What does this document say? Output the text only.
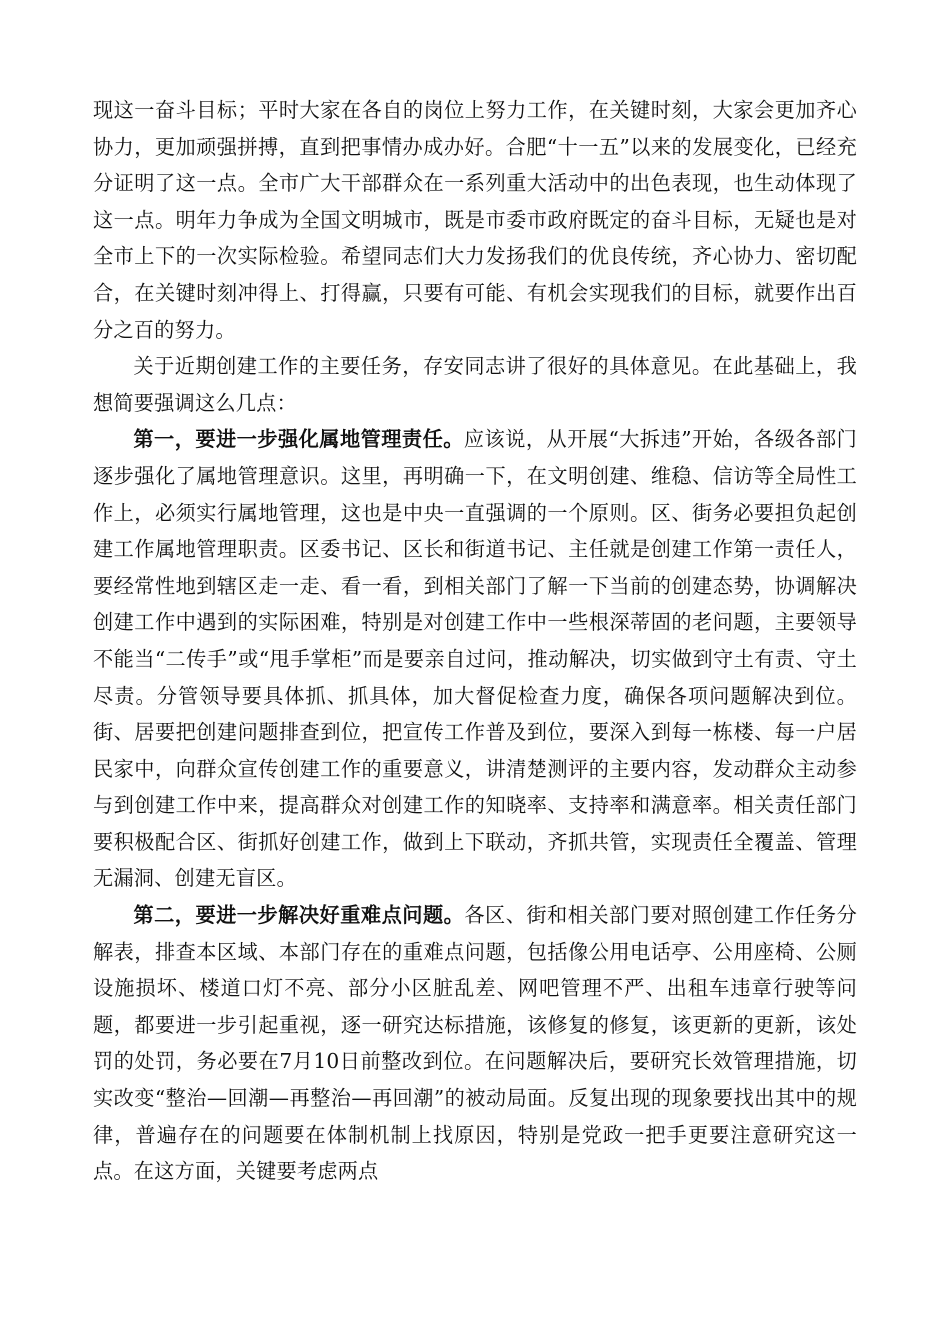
现这一奋斗目标；平时大家在各自的岗位上努力工作，在关键时刻，大家会更加齐心协力，更加顽强拼搏，直到把事情办成办好。合肥“十一五”以来的发展变化，已经充分证明了这一点。全市广大干部群众在一系列重大活动中的出色表现，也生动体现了这一点。明年力争成为全国文明城市，既是市委市政府既定的奋斗目标，无疑也是对全市上下的一次实际检验。希望同志们大力发扬我们的优良传统，齐心协力、密切配合，在关键时刻冲得上、打得赢，只要有可能、有机会实现我们的目标，就要作出百分之百的努力。

关于近期创建工作的主要任务，存安同志讲了很好的具体意见。在此基础上，我想简要强调这么几点：

第一，要进一步强化属地管理责任。应该说，从开展“大拆违”开始，各级各部门逐步强化了属地管理意识。这里，再明确一下，在文明创建、维稳、信访等全局性工作上，必须实行属地管理，这也是中央一直强调的一个原则。区、街务必要担负起创建工作属地管理职责。区委书记、区长和街道书记、主任就是创建工作第一责任人，要经常性地到辖区走一走、看一看，到相关部门了解一下当前的创建态势，协调解决创建工作中遇到的实际困难，特别是对创建工作中一些根深蒂固的老问题，主要领导不能当“二传手”或“甩手掌柜”而是要亲自过问，推动解决，切实做到守土有责、守土尽责。分管领导要具体抓、抓具体，加大督促检查力度，确保各项问题解决到位。街、居要把创建问题排查到位，把宣传工作普及到位，要深入到每一栋楼、每一户居民家中，向群众宣传创建工作的重要意义，讲清楚测评的主要内容，发动群众主动参与到创建工作中来，提高群众对创建工作的知晓率、支持率和满意率。相关责任部门要积极配合区、街抓好创建工作，做到上下联动，齐抓共管，实现责任全覆盖、管理无漏洞、创建无盲区。

第二，要进一步解决好重难点问题。各区、街和相关部门要对照创建工作任务分解表，排查本区域、本部门存在的重难点问题，包括像公用电话亭、公用座椅、公厕设施损坏、楼道口灯不亮、部分小区脏乱差、网吧管理不严、出租车违章行驶等问题，都要进一步引起重视，逐一研究达标措施，该修复的修复，该更新的更新，该处罚的处罚，务必要在7月10日前整改到位。在问题解决后，要研究长效管理措施，切实改变“整治—回潮—再整治—再回潮”的被动局面。反复出现的现象要找出其中的规律，普遍存在的问题要在体制机制上找原因，特别是党政一把手更要注意研究这一点。在这方面，关键要考虑两点
